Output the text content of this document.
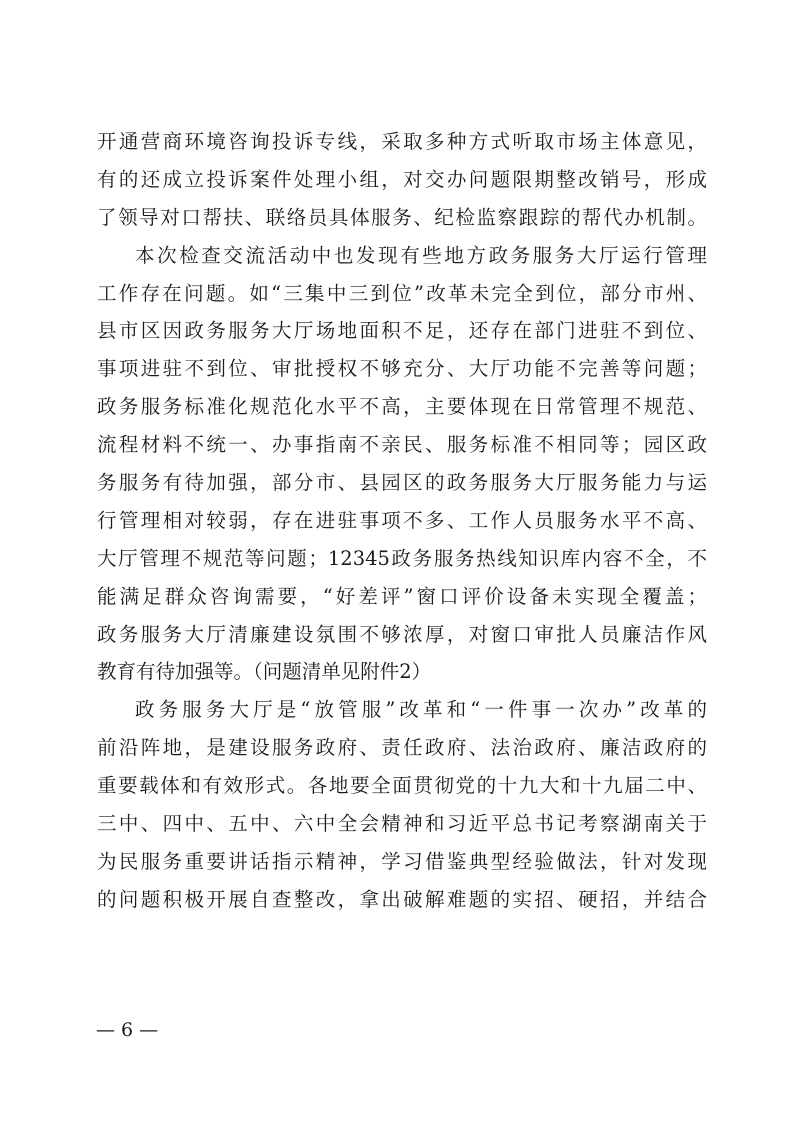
开通营商环境咨询投诉专线，采取多种方式听取市场主体意见，
有的还成立投诉案件处理小组，对交办问题限期整改销号，形成
了领导对口帮扶、联络员具体服务、纪检监察跟踪的帮代办机制。
本次检查交流活动中也发现有些地方政务服务大厅运行管理
工作存在问题。如“三集中三到位”改革未完全到位，部分市州、
县市区因政务服务大厅场地面积不足，还存在部门进驻不到位、
事项进驻不到位、审批授权不够充分、大厅功能不完善等问题；
政务服务标准化规范化水平不高，主要体现在日常管理不规范、
流程材料不统一、办事指南不亲民、服务标准不相同等；园区政
务服务有待加强，部分市、县园区的政务服务大厅服务能力与运
行管理相对较弱，存在进驻事项不多、工作人员服务水平不高、
大厅管理不规范等问题；12345政务服务热线知识库内容不全，不
能满足群众咨询需要，“好差评”窗口评价设备未实现全覆盖；
政务服务大厅清廉建设氛围不够浓厚，对窗口审批人员廉洁作风
教育有待加强等。（问题清单见附件2）
政务服务大厅是“放管服”改革和“一件事一次办”改革的
前沿阵地，是建设服务政府、责任政府、法治政府、廉洁政府的
重要载体和有效形式。各地要全面贯彻党的十九大和十九届二中、
三中、四中、五中、六中全会精神和习近平总书记考察湖南关于
为民服务重要讲话指示精神，学习借鉴典型经验做法，针对发现
的问题积极开展自查整改，拿出破解难题的实招、硬招，并结合
— 6 —
